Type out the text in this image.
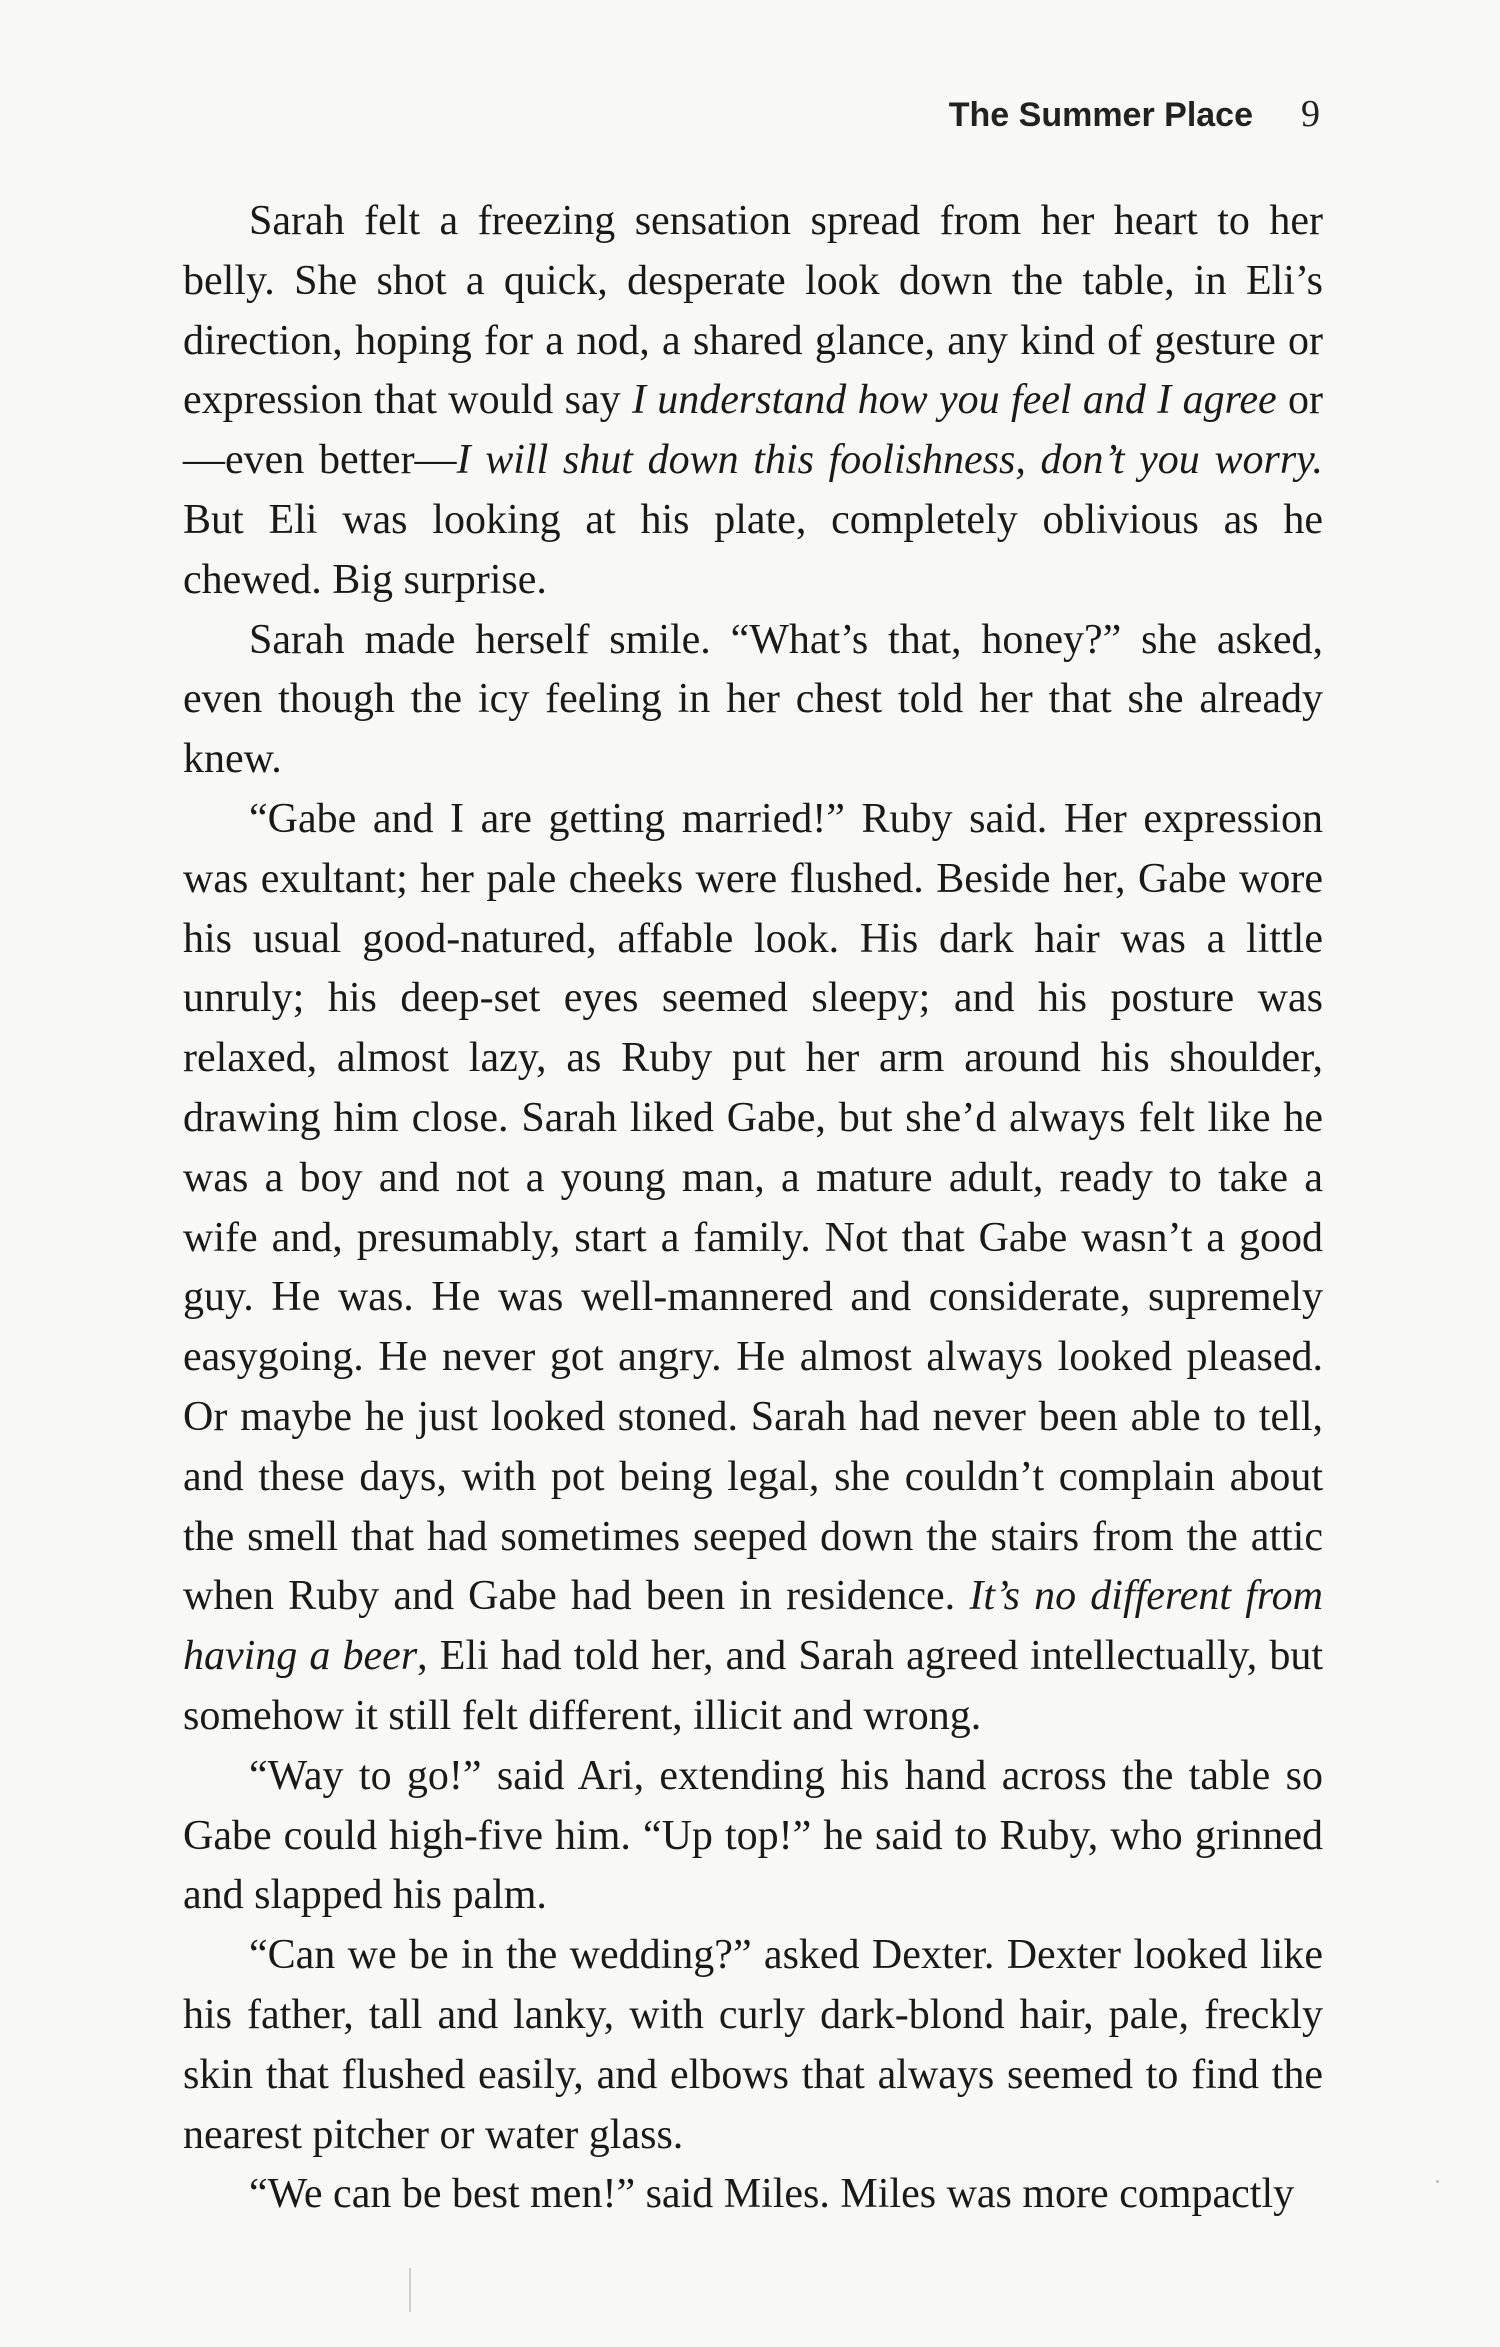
The Summer Place 9

Sarah felt a freezing sensation spread from her heart to her belly. She shot a quick, desperate look down the table, in Eli’s direction, hoping for a nod, a shared glance, any kind of gesture or expression that would say I understand how you feel and I agree or—even better—I will shut down this foolishness, don’t you worry. But Eli was looking at his plate, completely oblivious as he chewed. Big surprise.

Sarah made herself smile. “What’s that, honey?” she asked, even though the icy feeling in her chest told her that she already knew.

“Gabe and I are getting married!” Ruby said. Her expression was exultant; her pale cheeks were flushed. Beside her, Gabe wore his usual good-natured, affable look. His dark hair was a little unruly; his deep-set eyes seemed sleepy; and his posture was relaxed, almost lazy, as Ruby put her arm around his shoulder, drawing him close. Sarah liked Gabe, but she’d always felt like he was a boy and not a young man, a mature adult, ready to take a wife and, presumably, start a family. Not that Gabe wasn’t a good guy. He was. He was well-mannered and considerate, supremely easygoing. He never got angry. He almost always looked pleased. Or maybe he just looked stoned. Sarah had never been able to tell, and these days, with pot being legal, she couldn’t complain about the smell that had sometimes seeped down the stairs from the attic when Ruby and Gabe had been in residence. It’s no different from having a beer, Eli had told her, and Sarah agreed intellectually, but somehow it still felt different, illicit and wrong.

“Way to go!” said Ari, extending his hand across the table so Gabe could high-five him. “Up top!” he said to Ruby, who grinned and slapped his palm.

“Can we be in the wedding?” asked Dexter. Dexter looked like his father, tall and lanky, with curly dark-blond hair, pale, freckly skin that flushed easily, and elbows that always seemed to find the nearest pitcher or water glass.

“We can be best men!” said Miles. Miles was more compactly
